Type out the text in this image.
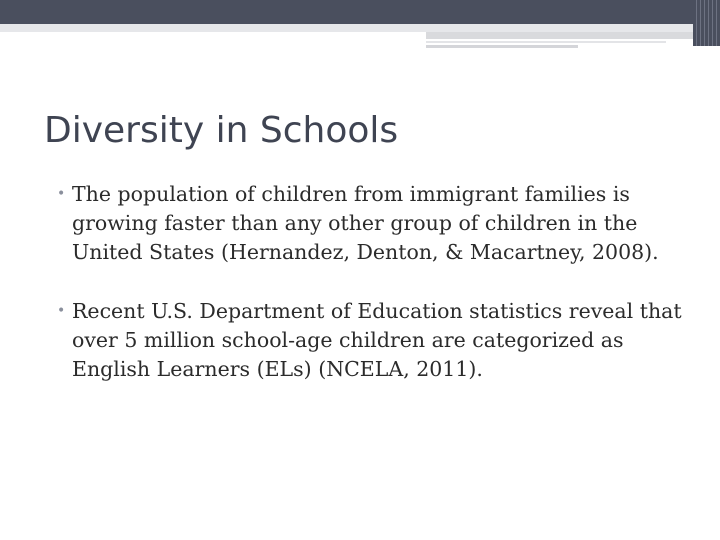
Diversity in Schools
• The population of children from immigrant families is growing faster than any other group of children in the United States (Hernandez, Denton, & Macartney, 2008).
• Recent U.S. Department of Education statistics reveal that over 5 million school-age children are categorized as English Learners (ELs) (NCELA, 2011).
